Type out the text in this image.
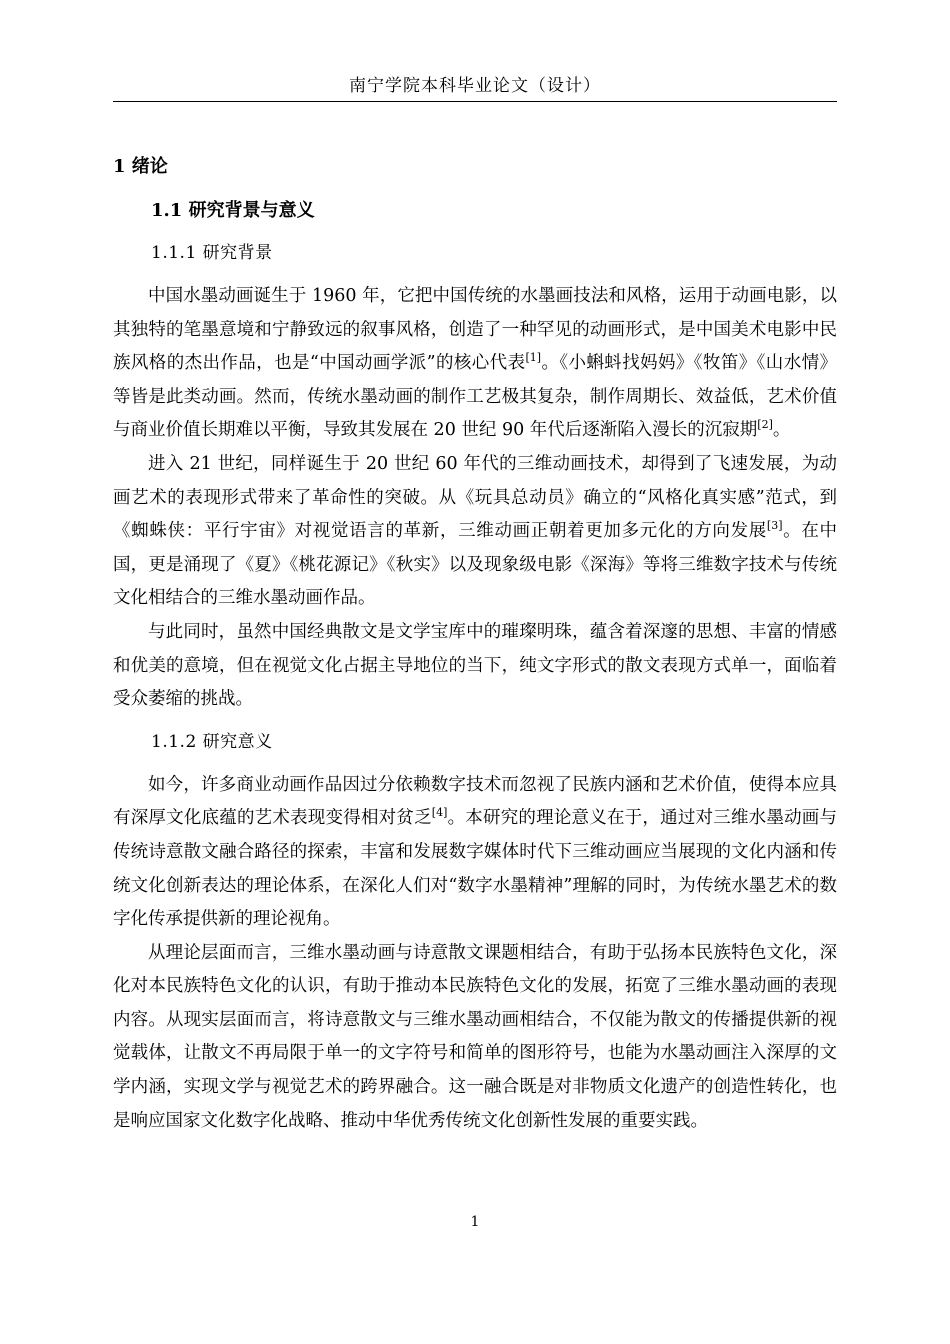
南宁学院本科毕业论文（设计）
1 绪论
1.1 研究背景与意义
1.1.1 研究背景

中国水墨动画诞生于 1960 年，它把中国传统的水墨画技法和风格，运用于动画电影，以其独特的笔墨意境和宁静致远的叙事风格，创造了一种罕见的动画形式，是中国美术电影中民族风格的杰出作品，也是“中国动画学派”的核心代表[1]。《小蝌蚪找妈妈》《牧笛》《山水情》等皆是此类动画。然而，传统水墨动画的制作工艺极其复杂，制作周期长、效益低，艺术价值与商业价值长期难以平衡，导致其发展在 20 世纪 90 年代后逐渐陷入漫长的沉寂期[2]。

进入 21 世纪，同样诞生于 20 世纪 60 年代的三维动画技术，却得到了飞速发展，为动画艺术的表现形式带来了革命性的突破。从《玩具总动员》确立的“风格化真实感”范式，到《蜘蛛侠：平行宇宙》对视觉语言的革新，三维动画正朝着更加多元化的方向发展[3]。在中国，更是涌现了《夏》《桃花源记》《秋实》以及现象级电影《深海》等将三维数字技术与传统文化相结合的三维水墨动画作品。

与此同时，虽然中国经典散文是文学宝库中的璀璨明珠，蕴含着深邃的思想、丰富的情感和优美的意境，但在视觉文化占据主导地位的当下，纯文字形式的散文表现方式单一，面临着受众萎缩的挑战。

1.1.2 研究意义

如今，许多商业动画作品因过分依赖数字技术而忽视了民族内涵和艺术价值，使得本应具有深厚文化底蕴的艺术表现变得相对贫乏[4]。本研究的理论意义在于，通过对三维水墨动画与传统诗意散文融合路径的探索，丰富和发展数字媒体时代下三维动画应当展现的文化内涵和传统文化创新表达的理论体系，在深化人们对“数字水墨精神”理解的同时，为传统水墨艺术的数字化传承提供新的理论视角。

从理论层面而言，三维水墨动画与诗意散文课题相结合，有助于弘扬本民族特色文化，深化对本民族特色文化的认识，有助于推动本民族特色文化的发展，拓宽了三维水墨动画的表现内容。从现实层面而言，将诗意散文与三维水墨动画相结合，不仅能为散文的传播提供新的视觉载体，让散文不再局限于单一的文字符号和简单的图形符号，也能为水墨动画注入深厚的文学内涵，实现文学与视觉艺术的跨界融合。这一融合既是对非物质文化遗产的创造性转化，也是响应国家文化数字化战略、推动中华优秀传统文化创新性发展的重要实践。

1
